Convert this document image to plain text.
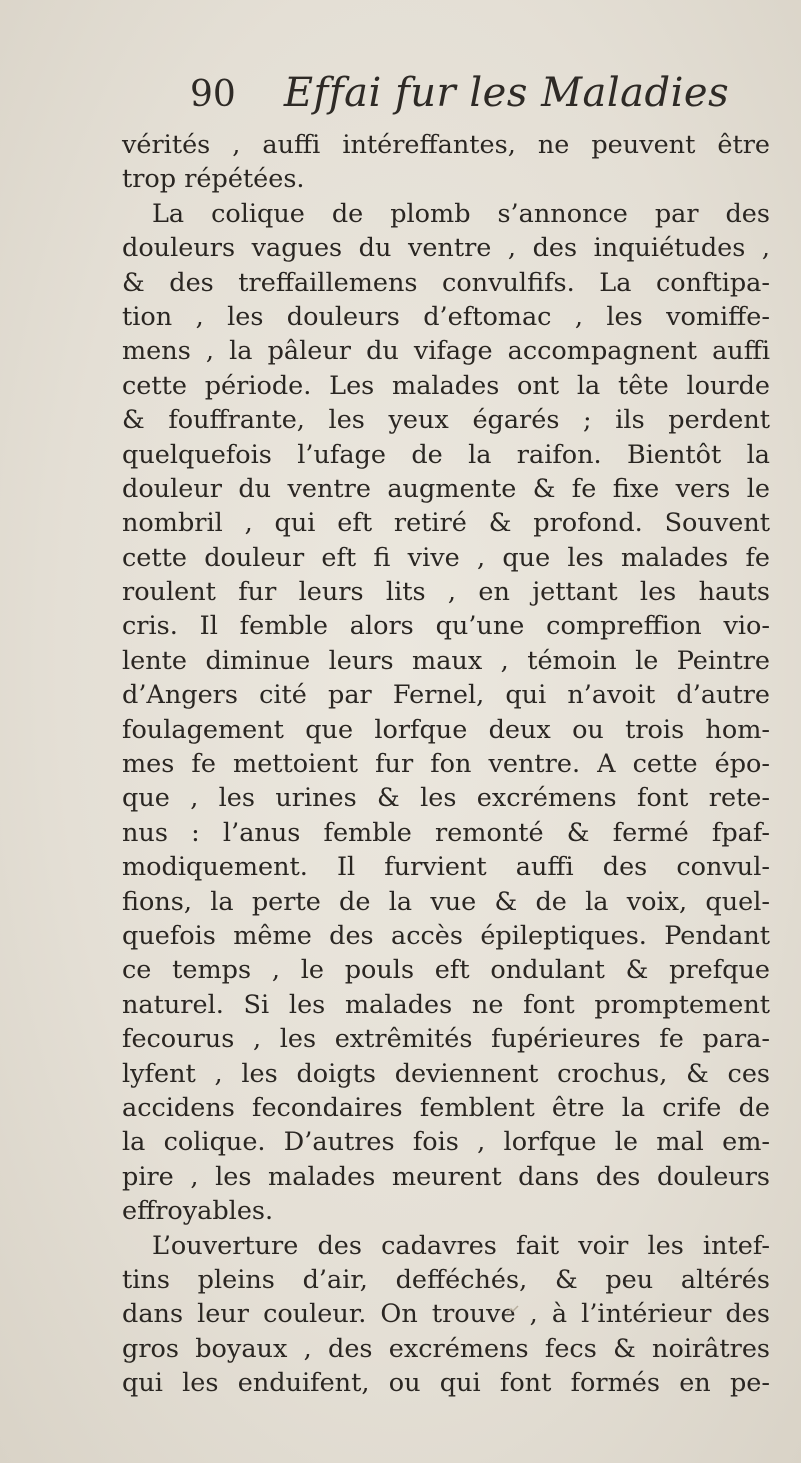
90 Effai fur les Maladies
vérités , auffi intéreffantes, ne peuvent être
trop répétées.
La colique de plomb s’annonce par des
douleurs vagues du ventre , des inquiétudes ,
& des treffaillemens convulfifs. La conftipa-
tion , les douleurs d’eftomac , les vomiffe-
mens , la pâleur du vifage accompagnent auffi
cette période. Les malades ont la tête lourde
& fouffrante, les yeux égarés ; ils perdent
quelquefois l’ufage de la raifon. Bientôt la
douleur du ventre augmente & fe fixe vers le
nombril , qui eft retiré & profond. Souvent
cette douleur eft fi vive , que les malades fe
roulent fur leurs lits , en jettant les hauts
cris. Il femble alors qu’une compreffion vio-
lente diminue leurs maux , témoin le Peintre
d’Angers cité par Fernel, qui n’avoit d’autre
foulagement que lorfque deux ou trois hom-
mes fe mettoient fur fon ventre. A cette épo-
que , les urines & les excrémens font rete-
nus : l’anus femble remonté & fermé fpaf-
modiquement. Il furvient auffi des convul-
fions, la perte de la vue & de la voix, quel-
quefois même des accès épileptiques. Pendant
ce temps , le pouls eft ondulant & prefque
naturel. Si les malades ne font promptement
fecourus , les extrêmités fupérieures fe para-
lyfent , les doigts deviennent crochus, & ces
accidens fecondaires femblent être la crife de
la colique. D’autres fois , lorfque le mal em-
pire , les malades meurent dans des douleurs
effroyables.
L’ouverture des cadavres fait voir les intef-
tins pleins d’air, defféchés, & peu altérés
dans leur couleur. On trouve , à l’intérieur des
gros boyaux , des excrémens fecs & noirâtres
qui les enduifent, ou qui font formés en pe-
